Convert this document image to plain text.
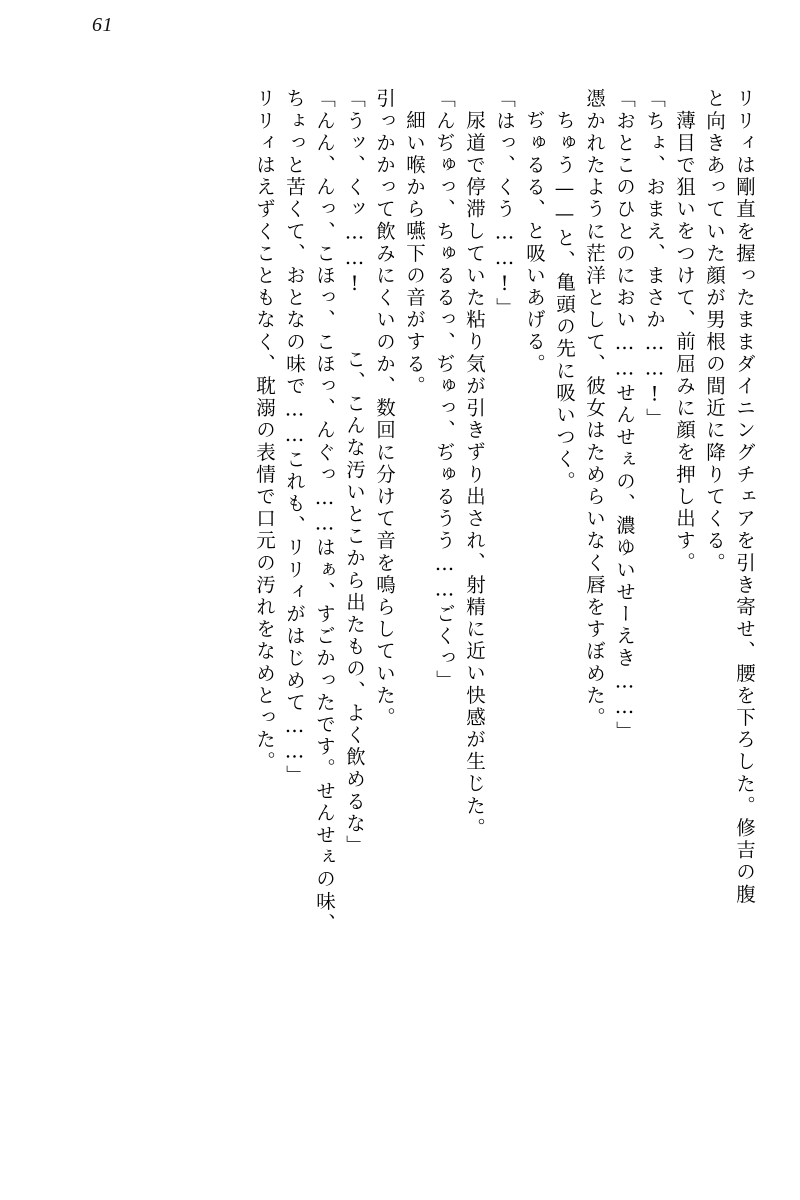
61
リリィは剛直を握ったままダイニングチェアを引き寄せ、腰を下ろした。修吉の腹
と向きあっていた顔が男根の間近に降りてくる。
薄目で狙いをつけて、前屈みに顔を押し出す。
「ちょ、おまえ、まさか……!」
「おとこのひとのにおい……せんせぇの、濃ゆいせーえき……」
憑かれたように茫洋として、彼女はためらいなく唇をすぼめた。
ちゅう——と、亀頭の先に吸いつく。
ぢゅるる、と吸いあげる。
「はっ、くう……!」
尿道で停滞していた粘り気が引きずり出され、射精に近い快感が生じた。
「んぢゅっ、ちゅるるっ、ぢゅっ、ぢゅるうう……ごくっ」
細い喉から嚥下の音がする。
引っかかって飲みにくいのか、数回に分けて音を鳴らしていた。
「うッ、くッ……!  こ、こんな汚いとこから出たもの、よく飲めるな」
「んん、んっ、こほっ、こほっ、んぐっ……はぁ、すごかったです。せんせぇの味、
ちょっと苦くて、おとなの味で……これも、リリィがはじめて……」
リリィはえずくこともなく、耽溺の表情で口元の汚れをなめとった。
